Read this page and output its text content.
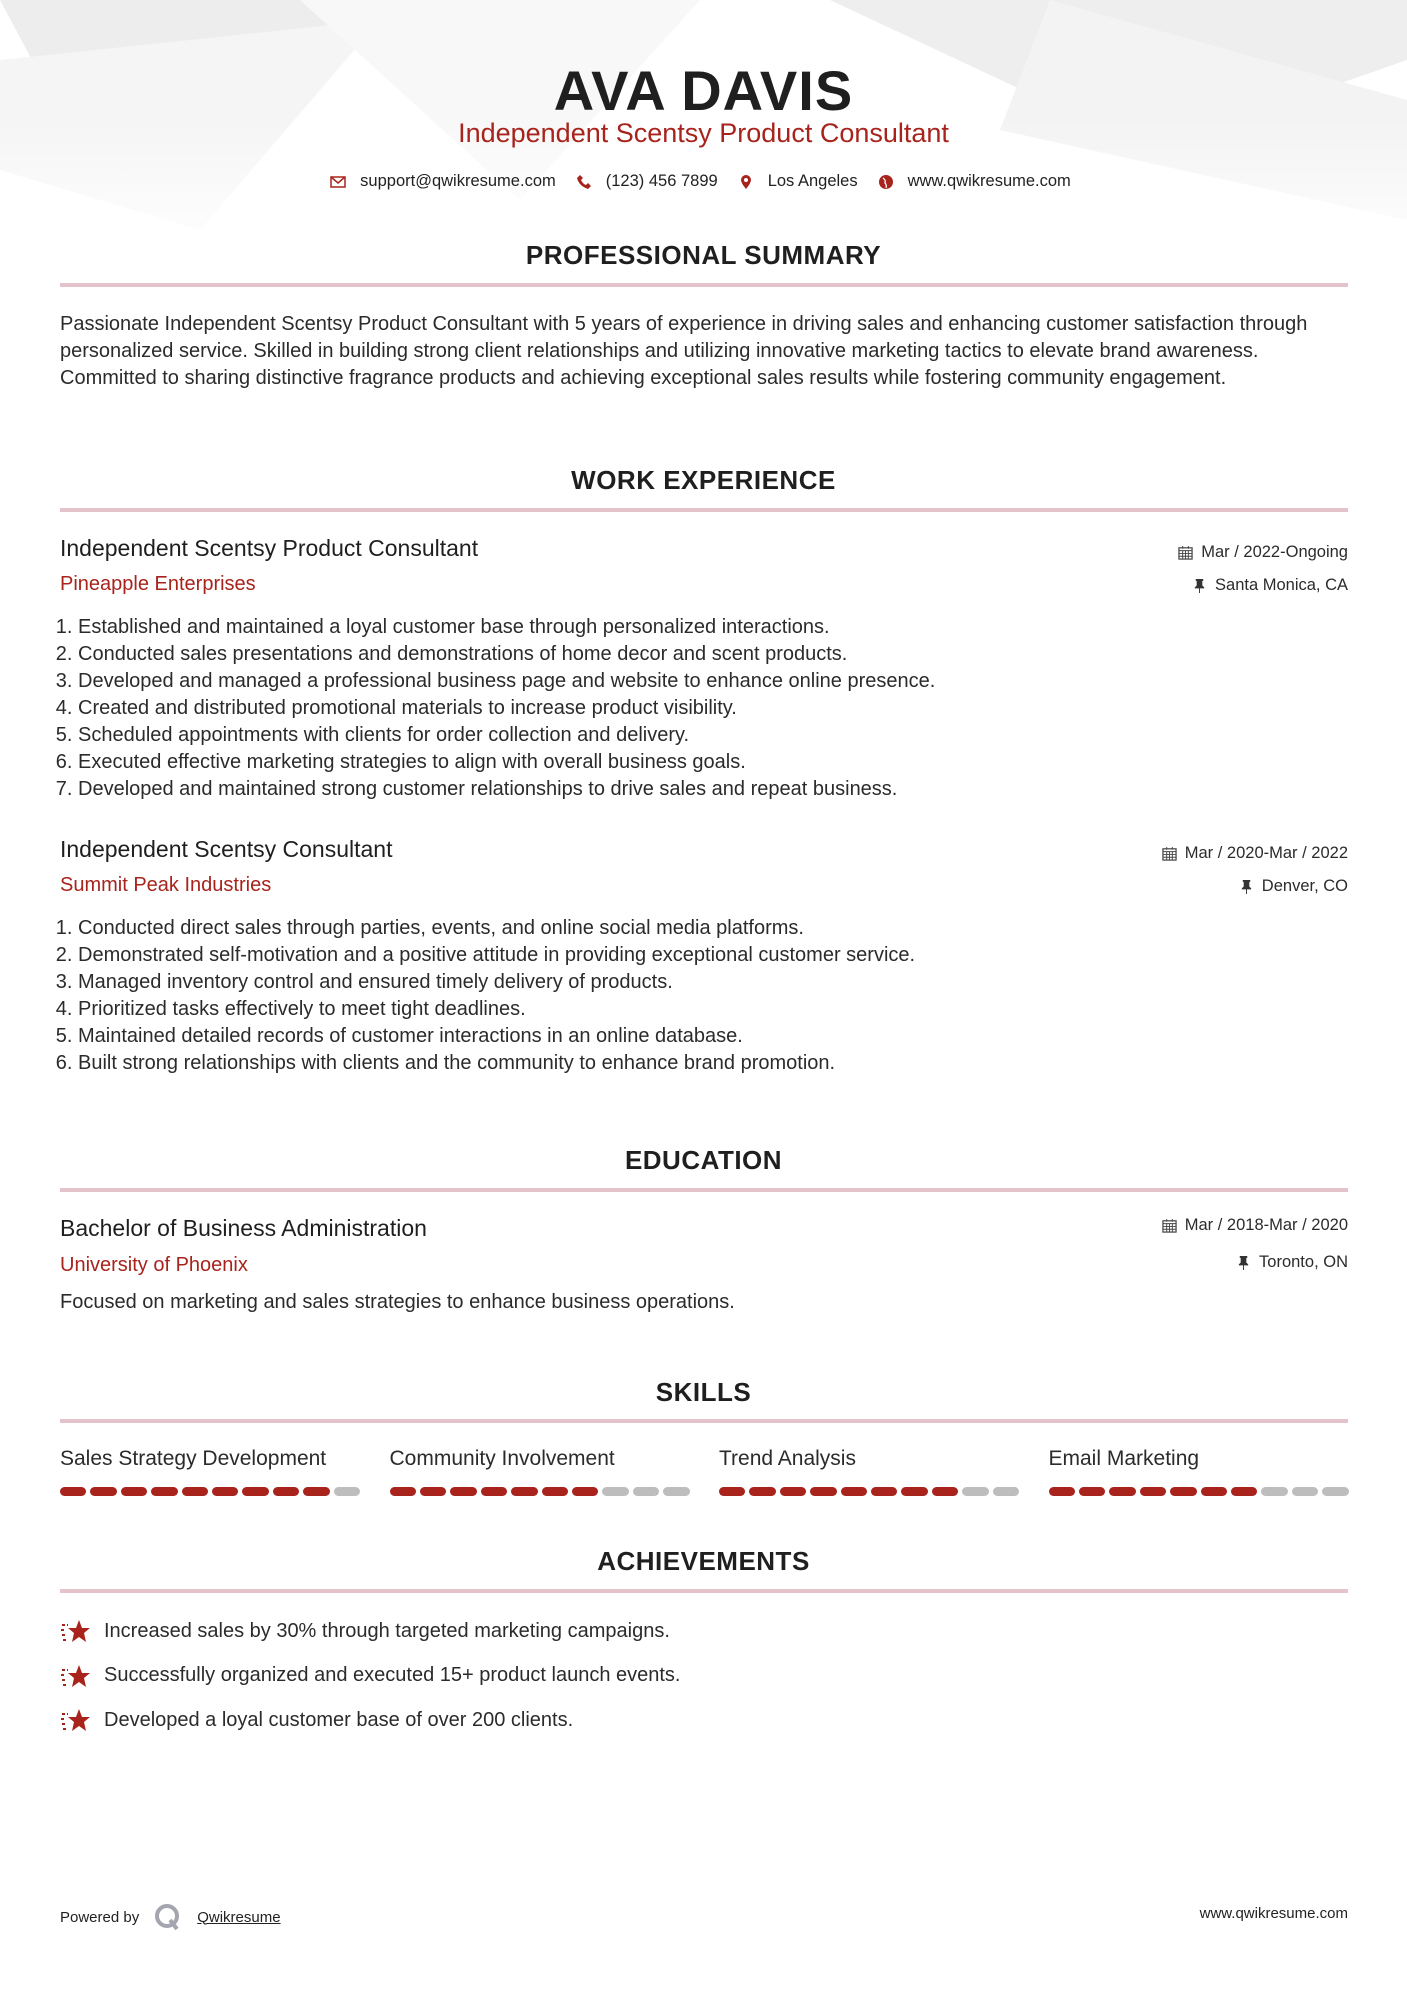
AVA DAVIS
Independent Scentsy Product Consultant
support@qwikresume.com	(123) 456 7899	Los Angeles	www.qwikresume.com
PROFESSIONAL SUMMARY
Passionate Independent Scentsy Product Consultant with 5 years of experience in driving sales and enhancing customer satisfaction through personalized service. Skilled in building strong client relationships and utilizing innovative marketing tactics to elevate brand awareness. Committed to sharing distinctive fragrance products and achieving exceptional sales results while fostering community engagement.
WORK EXPERIENCE
Independent Scentsy Product Consultant
Pineapple Enterprises
Mar / 2022-Ongoing
Santa Monica, CA
1. Established and maintained a loyal customer base through personalized interactions.
2. Conducted sales presentations and demonstrations of home decor and scent products.
3. Developed and managed a professional business page and website to enhance online presence.
4. Created and distributed promotional materials to increase product visibility.
5. Scheduled appointments with clients for order collection and delivery.
6. Executed effective marketing strategies to align with overall business goals.
7. Developed and maintained strong customer relationships to drive sales and repeat business.
Independent Scentsy Consultant
Summit Peak Industries
Mar / 2020-Mar / 2022
Denver, CO
1. Conducted direct sales through parties, events, and online social media platforms.
2. Demonstrated self-motivation and a positive attitude in providing exceptional customer service.
3. Managed inventory control and ensured timely delivery of products.
4. Prioritized tasks effectively to meet tight deadlines.
5. Maintained detailed records of customer interactions in an online database.
6. Built strong relationships with clients and the community to enhance brand promotion.
EDUCATION
Bachelor of Business Administration
University of Phoenix
Mar / 2018-Mar / 2020
Toronto, ON
Focused on marketing and sales strategies to enhance business operations.
SKILLS
Sales Strategy Development	Community Involvement	Trend Analysis	Email Marketing
ACHIEVEMENTS
Increased sales by 30% through targeted marketing campaigns.
Successfully organized and executed 15+ product launch events.
Developed a loyal customer base of over 200 clients.
Powered by	Qwikresume	www.qwikresume.com
